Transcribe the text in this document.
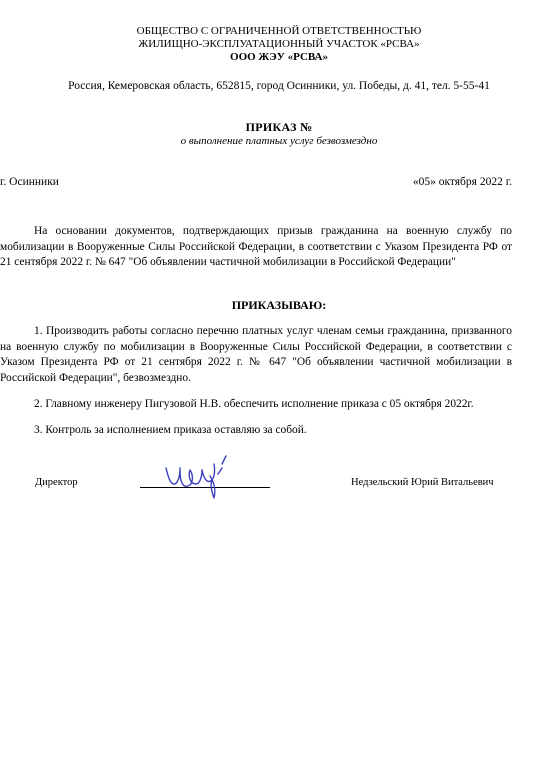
ОБЩЕСТВО С ОГРАНИЧЕННОЙ ОТВЕТСТВЕННОСТЬЮ
ЖИЛИЩНО-ЭКСПЛУАТАЦИОННЫЙ УЧАСТОК «РСВА»
ООО ЖЭУ «РСВА»
Россия, Кемеровская область, 652815, город Осинники, ул. Победы, д. 41, тел. 5-55-41
ПРИКАЗ №
о выполнение платных услуг безвозмездно
г. Осинники	«05» октября 2022 г.
На основании документов, подтверждающих призыв гражданина на военную службу по мобилизации в Вооруженные Силы Российской Федерации, в соответствии с Указом Президента РФ от 21 сентября 2022 г. № 647 "Об объявлении частичной мобилизации в Российской Федерации"
ПРИКАЗЫВАЮ:
1. Производить работы согласно перечню платных услуг членам семьи гражданина, призванного на военную службу по мобилизации в Вооруженные Силы Российской Федерации, в соответствии с Указом Президента РФ от 21 сентября 2022 г. № 647 "Об объявлении частичной мобилизации в Российской Федерации", безвозмездно.
2. Главному инженеру Пигузовой Н.В. обеспечить исполнение приказа с 05 октября 2022г.
3. Контроль за исполнением приказа оставляю за собой.
Директор	Недзельский Юрий Витальевич
